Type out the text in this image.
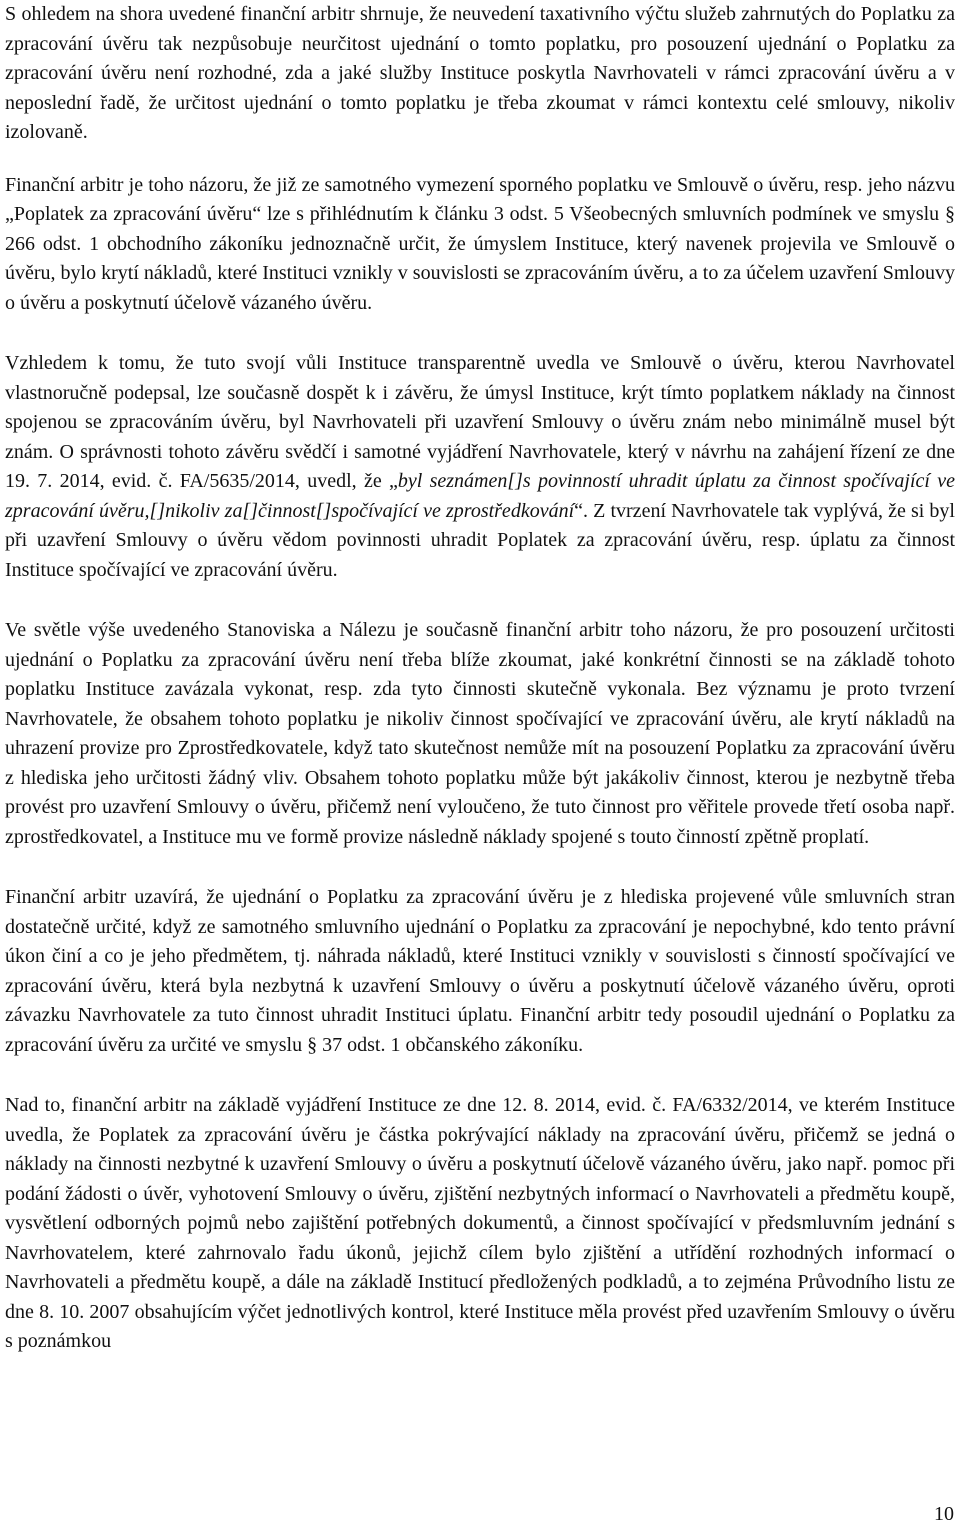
S ohledem na shora uvedené finanční arbitr shrnuje, že neuvedení taxativního výčtu služeb zahrnutých do Poplatku za zpracování úvěru tak nezpůsobuje neurčitost ujednání o tomto poplatku, pro posouzení ujednání o Poplatku za zpracování úvěru není rozhodné, zda a jaké služby Instituce poskytla Navrhovateli v rámci zpracování úvěru a v neposlední řadě, že určitost ujednání o tomto poplatku je třeba zkoumat v rámci kontextu celé smlouvy, nikoliv izolovaně.

Finanční arbitr je toho názoru, že již ze samotného vymezení sporného poplatku ve Smlouvě o úvěru, resp. jeho názvu „Poplatek za zpracování úvěru“ lze s přihlédnutím k článku 3 odst. 5 Všeobecných smluvních podmínek ve smyslu § 266 odst. 1 obchodního zákoníku jednoznačně určit, že úmyslem Instituce, který navenek projevila ve Smlouvě o úvěru, bylo krytí nákladů, které Instituci vznikly v souvislosti se zpracováním úvěru, a to za účelem uzavření Smlouvy o úvěru a poskytnutí účelově vázaného úvěru.

Vzhledem k tomu, že tuto svojí vůli Instituce transparentně uvedla ve Smlouvě o úvěru, kterou Navrhovatel vlastnoručně podepsal, lze současně dospět k i závěru, že úmysl Instituce, krýt tímto poplatkem náklady na činnost spojenou se zpracováním úvěru, byl Navrhovateli při uzavření Smlouvy o úvěru znám nebo minimálně musel být znám. O správnosti tohoto závěru svědčí i samotné vyjádření Navrhovatele, který v návrhu na zahájení řízení ze dne 19. 7. 2014, evid. č. FA/5635/2014, uvedl, že „byl seznámen[]s povinností uhradit úplatu za činnost spočívající ve zpracování úvěru,[]nikoliv za[]činnost[]spočívající ve zprostředkování“. Z tvrzení Navrhovatele tak vyplývá, že si byl při uzavření Smlouvy o úvěru vědom povinnosti uhradit Poplatek za zpracování úvěru, resp. úplatu za činnost Instituce spočívající ve zpracování úvěru.

Ve světle výše uvedeného Stanoviska a Nálezu je současně finanční arbitr toho názoru, že pro posouzení určitosti ujednání o Poplatku za zpracování úvěru není třeba blíže zkoumat, jaké konkrétní činnosti se na základě tohoto poplatku Instituce zavázala vykonat, resp. zda tyto činnosti skutečně vykonala. Bez významu je proto tvrzení Navrhovatele, že obsahem tohoto poplatku je nikoliv činnost spočívající ve zpracování úvěru, ale krytí nákladů na uhrazení provize pro Zprostředkovatele, když tato skutečnost nemůže mít na posouzení Poplatku za zpracování úvěru z hlediska jeho určitosti žádný vliv. Obsahem tohoto poplatku může být jakákoliv činnost, kterou je nezbytně třeba provést pro uzavření Smlouvy o úvěru, přičemž není vyloučeno, že tuto činnost pro věřitele provede třetí osoba např. zprostředkovatel, a Instituce mu ve formě provize následně náklady spojené s touto činností zpětně proplatí.

Finanční arbitr uzavírá, že ujednání o Poplatku za zpracování úvěru je z hlediska projevené vůle smluvních stran dostatečně určité, když ze samotného smluvního ujednání o Poplatku za zpracování je nepochybné, kdo tento právní úkon činí a co je jeho předmětem, tj. náhrada nákladů, které Instituci vznikly v souvislosti s činností spočívající ve zpracování úvěru, která byla nezbytná k uzavření Smlouvy o úvěru a poskytnutí účelově vázaného úvěru, oproti závazku Navrhovatele za tuto činnost uhradit Instituci úplatu. Finanční arbitr tedy posoudil ujednání o Poplatku za zpracování úvěru za určité ve smyslu § 37 odst. 1 občanského zákoníku.

Nad to, finanční arbitr na základě vyjádření Instituce ze dne 12. 8. 2014, evid. č. FA/6332/2014, ve kterém Instituce uvedla, že Poplatek za zpracování úvěru je částka pokrývající náklady na zpracování úvěru, přičemž se jedná o náklady na činnosti nezbytné k uzavření Smlouvy o úvěru a poskytnutí účelově vázaného úvěru, jako např. pomoc při podání žádosti o úvěr, vyhotovení Smlouvy o úvěru, zjištění nezbytných informací o Navrhovateli a předmětu koupě, vysvětlení odborných pojmů nebo zajištění potřebných dokumentů, a činnost spočívající v předsmluvním jednání s Navrhovatelem, které zahrnovalo řadu úkonů, jejichž cílem bylo zjištění a utřídění rozhodných informací o Navrhovateli a předmětu koupě, a dále na základě Institucí předložených podkladů, a to zejména Průvodního listu ze dne 8. 10. 2007 obsahujícím výčet jednotlivých kontrol, které Instituce měla provést před uzavřením Smlouvy o úvěru s poznámkou

10
